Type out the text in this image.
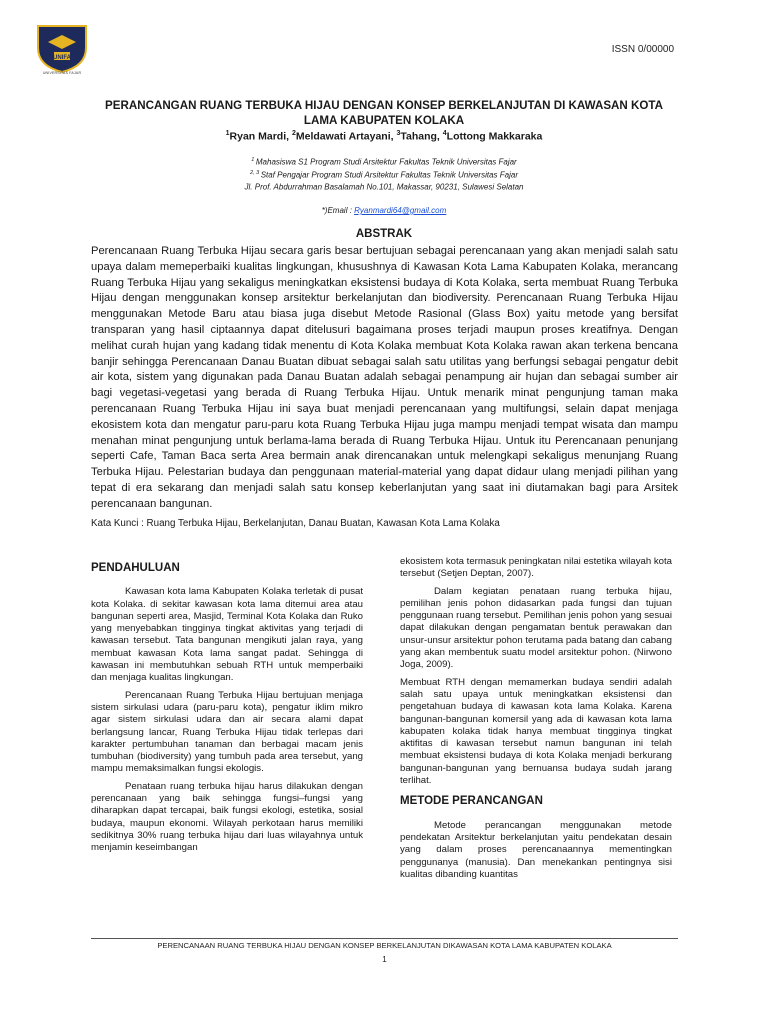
UNIFA
UNIVERSITAS FAJAR
ISSN 0/00000
PERANCANGAN RUANG TERBUKA HIJAU DENGAN KONSEP BERKELANJUTAN DI KAWASAN KOTA LAMA KABUPATEN KOLAKA
$^1$Ryan Mardi, $^2$Meldawati Artayani, $^3$Tahang, $^4$Lottong Makkaraka
$^1$ Mahasiswa S1 Program Studi Arsitektur Fakultas Teknik Universitas Fajar
$^{2, 3}$ Staf Pengajar Program Studi Arsitektur Fakultas Teknik Universitas Fajar
Jl. Prof. Abdurrahman Basalamah No.101, Makassar, 90231, Sulawesi Selatan
*)Email : Ryanmardi64@gmail.com
ABSTRAK

Perencanaan Ruang Terbuka Hijau secara garis besar bertujuan sebagai perencanaan yang akan menjadi salah satu upaya dalam memeperbaiki kualitas lingkungan, khusushnya di Kawasan Kota Lama Kabupaten Kolaka, merancang Ruang Terbuka Hijau yang sekaligus meningkatkan eksistensi budaya di Kota Kolaka, serta membuat Ruang Terbuka Hijau dengan menggunakan konsep arsitektur berkelanjutan dan biodiversity. Perencanaan Ruang Terbuka Hijau menggunakan Metode Baru atau biasa juga disebut Metode Rasional (Glass Box) yaitu metode yang bersifat transparan yang hasil ciptaannya dapat ditelusuri bagaimana proses terjadi maupun proses kreatifnya. Dengan melihat curah hujan yang kadang tidak menentu di Kota Kolaka membuat Kota Kolaka rawan akan terkena bencana banjir sehingga Perencanaan Danau Buatan dibuat sebagai salah satu utilitas yang berfungsi sebagai pengatur debit air kota, sistem yang digunakan pada Danau Buatan adalah sebagai penampung air hujan dan sebagai sumber air bagi vegetasi-vegetasi yang berada di Ruang Terbuka Hijau. Untuk menarik minat pengunjung taman maka perencanaan Ruang Terbuka Hijau ini saya buat menjadi perencanaan yang multifungsi, selain dapat menjaga ekosistem kota dan mengatur paru-paru kota Ruang Terbuka Hijau juga mampu menjadi tempat wisata dan mampu menahan minat pengunjung untuk berlama-lama berada di Ruang Terbuka Hijau. Untuk itu Perencanaan penunjang seperti Cafe, Taman Baca serta Area bermain anak direncanakan untuk melengkapi sekaligus menunjang Ruang Terbuka Hijau. Pelestarian budaya dan penggunaan material-material yang dapat didaur ulang menjadi pilihan yang tepat di era sekarang dan menjadi salah satu konsep keberlanjutan yang saat ini diutamakan bagi para Arsitek perencanaan bangunan.

Kata Kunci : Ruang Terbuka Hijau, Berkelanjutan, Danau Buatan, Kawasan Kota Lama Kolaka
PENDAHULUAN

Kawasan kota lama Kabupaten Kolaka terletak di pusat kota Kolaka. di sekitar kawasan kota lama ditemui area atau bangunan seperti area, Masjid, Terminal Kota Kolaka dan Ruko yang menyebabkan tingginya tingkat aktivitas yang terjadi di kawasan tersebut. Tata bangunan mengikuti jalan raya, yang membuat kawasan Kota lama sangat padat. Sehingga di kawasan ini membutuhkan sebuah RTH untuk memperbaiki dan menjaga kualitas lingkungan.

Perencanaan Ruang Terbuka Hijau bertujuan menjaga sistem sirkulasi udara (paru-paru kota), pengatur iklim mikro agar sistem sirkulasi udara dan air secara alami dapat berlangsung lancar, Ruang Terbuka Hijau tidak terlepas dari karakter pertumbuhan tanaman dan berbagai macam jenis tumbuhan (biodiversity) yang tumbuh pada area tersebut, yang mampu memaksimalkan fungsi ekologis.

Penataan ruang terbuka hijau harus dilakukan dengan perencanaan yang baik sehingga fungsi–fungsi yang diharapkan dapat tercapai, baik fungsi ekologi, estetika, sosial budaya, maupun ekonomi. Wilayah perkotaan harus memiliki sedikitnya 30% ruang terbuka hijau dari luas wilayahnya untuk menjamin keseimbangan

ekosistem kota termasuk peningkatan nilai estetika wilayah kota tersebut (Setjen Deptan, 2007).

Dalam kegiatan penataan ruang terbuka hijau, pemilihan jenis pohon didasarkan pada fungsi dan tujuan penggunaan ruang tersebut. Pemilihan jenis pohon yang sesuai dapat dilakukan dengan pengamatan bentuk perawakan dan unsur-unsur arsitektur pohon terutama pada batang dan cabang yang akan membentuk suatu model arsitektur pohon. (Nirwono Joga, 2009).

Membuat RTH dengan memamerkan budaya sendiri adalah salah satu upaya untuk meningkatkan eksistensi dan pengetahuan budaya di kawasan kota lama Kolaka. Karena bangunan-bangunan komersil yang ada di kawasan kota lama kabupaten kolaka tidak hanya membuat tingginya tingkat aktifitas di kawasan tersebut namun bangunan ini telah membuat eksistensi budaya di kota Kolaka menjadi berkurang bangunan-bangunan yang bernuansa budaya sudah jarang terlihat.

METODE PERANCANGAN

Metode perancangan menggunakan metode pendekatan Arsitektur berkelanjutan yaitu pendekatan desain yang dalam proses perencanaannya mementingkan penggunanya (manusia). Dan menekankan pentingnya sisi kualitas dibanding kuantitas

PERENCANAAN RUANG TERBUKA HIJAU DENGAN KONSEP BERKELANJUTAN DIKAWASAN KOTA LAMA KABUPATEN KOLAKA
1
